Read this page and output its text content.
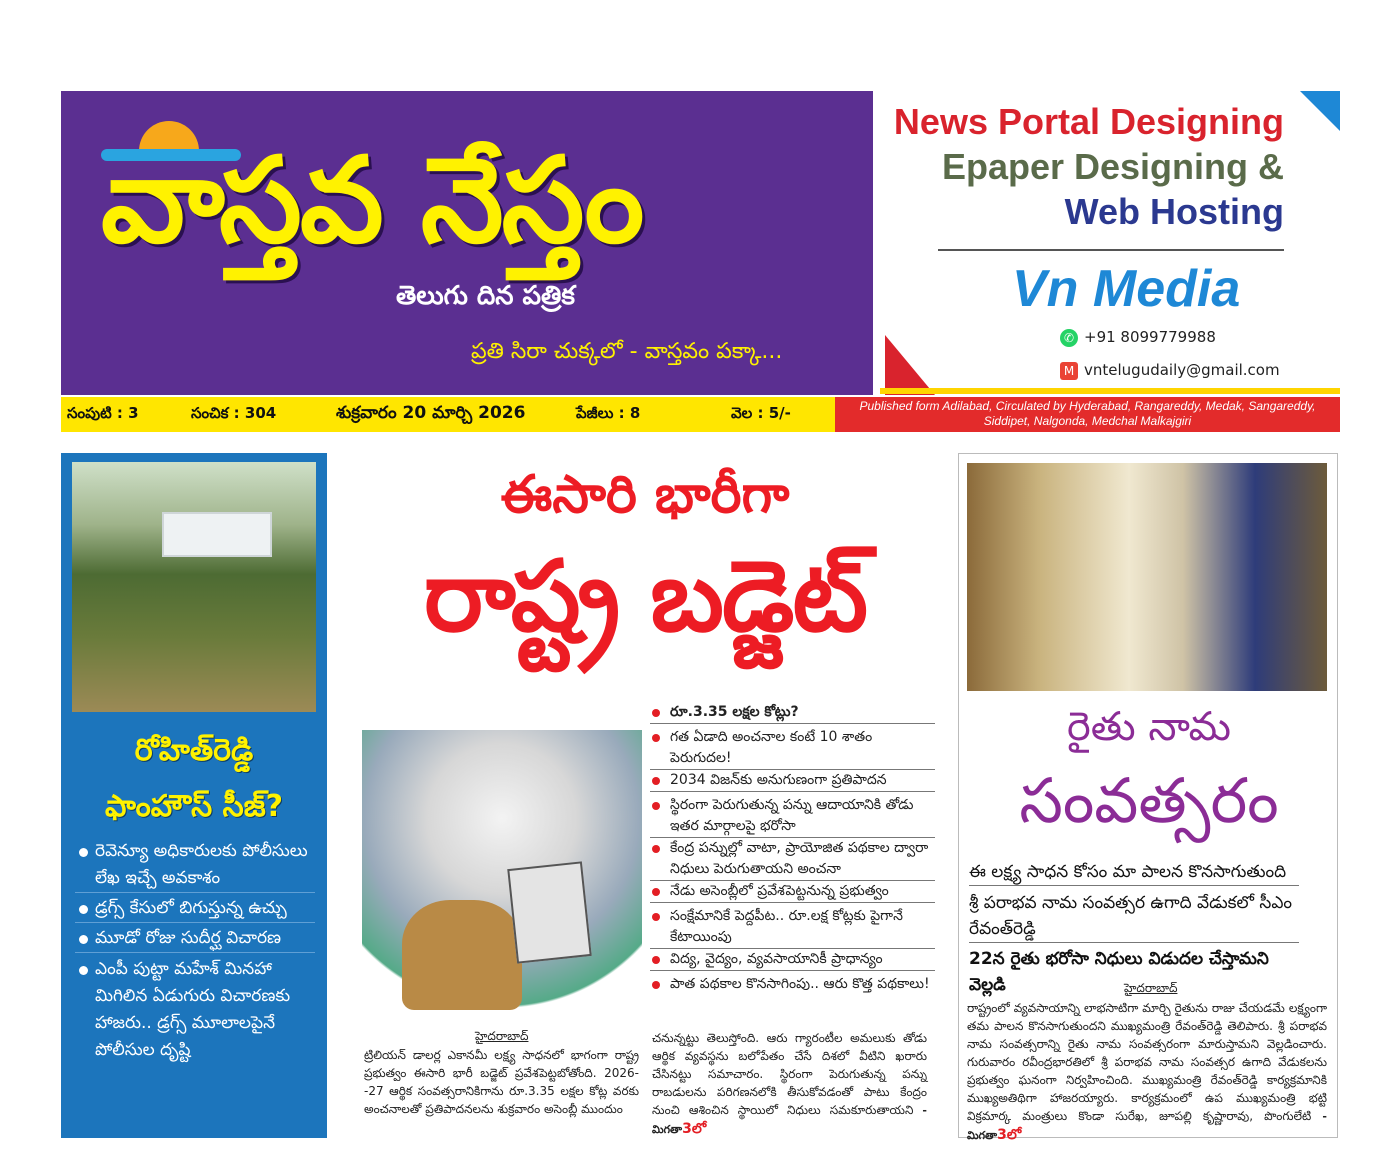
వాస్తవ నేస్తం
తెలుగు దిన పత్రిక
ప్రతి సిరా చుక్కలో - వాస్తవం పక్కా...
News Portal Designing
Epaper Designing &
Web Hosting
Vn Media
✆ +91 8099779988
M vntelugudaily@gmail.com
సంపుటి : 3	సంచిక : 304	శుక్రవారం 20 మార్చి 2026	పేజీలు : 8	వెల : 5/-	Published form Adilabad, Circulated by Hyderabad, Rangareddy, Medak, Sangareddy, Siddipet, Nalgonda, Medchal Malkajgiri
రోహిత్‌రెడ్డి
ఫాంహౌస్ సీజ్?
రెవెన్యూ అధికారులకు పోలీసులు లేఖ ఇచ్చే అవకాశం
డ్రగ్స్ కేసులో బిగుస్తున్న ఉచ్చు
మూడో రోజు సుదీర్ఘ విచారణ
ఎంపీ పుట్టా మహేశ్ మినహా మిగిలిన ఏడుగురు విచారణకు హాజరు.. డ్రగ్స్ మూలాలపైనే పోలీసుల దృష్టి
ఈసారి భారీగా
రాష్ట్ర బడ్జెట్
రూ.3.35 లక్షల కోట్లు?
గత ఏడాది అంచనాల కంటే 10 శాతం పెరుగుదల!
2034 విజన్‌కు అనుగుణంగా ప్రతిపాదన
స్థిరంగా పెరుగుతున్న పన్ను ఆదాయానికి తోడు ఇతర మార్గాలపై భరోసా
కేంద్ర పన్నుల్లో వాటా, ప్రాయోజిత పథకాల ద్వారా నిధులు పెరుగుతాయని అంచనా
నేడు అసెంబ్లీలో ప్రవేశపెట్టనున్న ప్రభుత్వం
సంక్షేమానికే పెద్దపీట.. రూ.లక్ష కోట్లకు పైగానే కేటాయింపు
విద్య, వైద్యం, వ్యవసాయానికీ ప్రాధాన్యం
పాత పథకాల కొనసాగింపు.. ఆరు కొత్త పథకాలు!
హైదరాబాద్
ట్రిలియన్ డాలర్ల ఎకానమీ లక్ష్య సాధనలో భాగంగా రాష్ట్ర ప్రభుత్వం ఈసారి భారీ బడ్జెట్ ప్రవేశపెట్టబోతోంది. 2026--27 ఆర్థిక సంవత్సరానికిగాను రూ.3.35 లక్షల కోట్ల వరకు అంచనాలతో ప్రతిపాదనలను శుక్రవారం అసెంబ్లీ ముందుం
చనున్నట్టు తెలుస్తోంది. ఆరు గ్యారంటీల అమలుకు తోడు ఆర్థిక వ్యవస్థను బలోపేతం చేసే దిశలో వీటిని ఖరారు చేసినట్టు సమాచారం. స్థిరంగా పెరుగుతున్న పన్ను రాబడులను పరిగణనలోకి తీసుకోవడంతో పాటు కేంద్రం నుంచి ఆశించిన స్థాయిలో నిధులు సమకూరుతాయని - మిగతా3లో
రైతు నామ
సంవత్సరం
ఈ లక్ష్య సాధన కోసం మా పాలన కొనసాగుతుంది
శ్రీ పరాభవ నామ సంవత్సర ఉగాది వేడుకలో సీఎం రేవంత్‌రెడ్డి
22న రైతు భరోసా నిధులు విడుదల చేస్తామని వెల్లడి	హైదరాబాద్
రాష్ట్రంలో వ్యవసాయాన్ని లాభసాటిగా మార్చి రైతును రాజు చేయడమే లక్ష్యంగా తమ పాలన కొనసాగుతుందని ముఖ్యమంత్రి రేవంత్‌రెడ్డి తెలిపారు. శ్రీ పరాభవ నామ సంవత్సరాన్ని రైతు నామ సంవత్సరంగా మారుస్తామని వెల్లడించారు. గురువారం రవీంద్రభారతిలో శ్రీ పరాభవ నామ సంవత్సర ఉగాది వేడుకలను ప్రభుత్వం ఘనంగా నిర్వహించింది. ముఖ్యమంత్రి రేవంత్‌రెడ్డి కార్యక్రమానికి ముఖ్యఅతిథిగా హాజరయ్యారు. కార్యక్రమంలో ఉప ముఖ్యమంత్రి భట్టి విక్రమార్క మంత్రులు కొండా సురేఖ, జూపల్లి కృష్ణారావు, పొంగులేటి - మిగతా3లో
